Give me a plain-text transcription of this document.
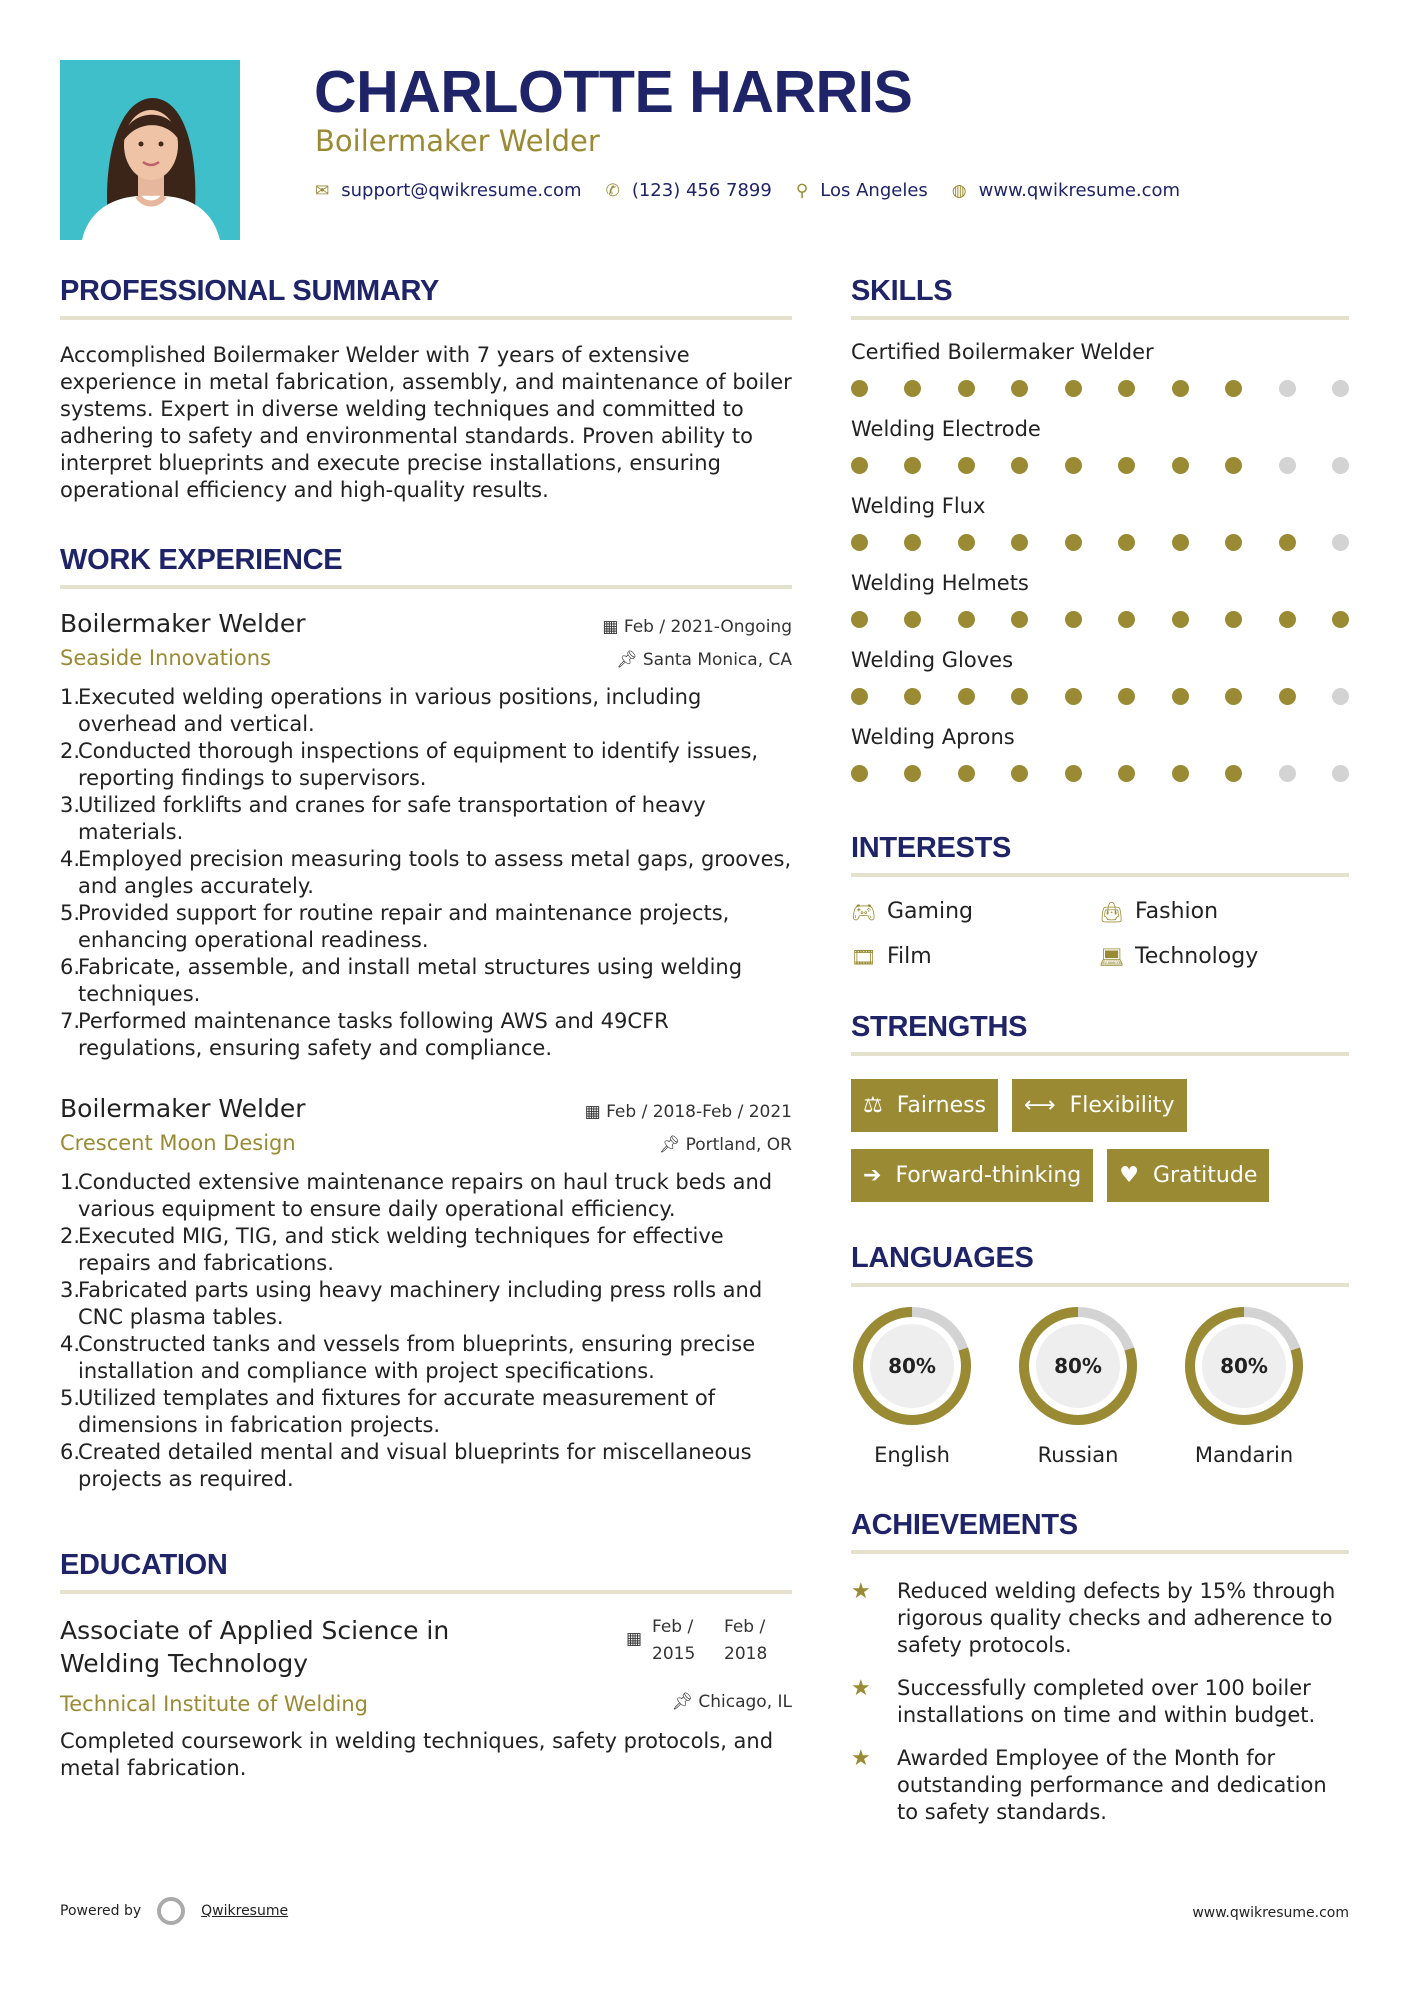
CHARLOTTE HARRIS
Boilermaker Welder
✉ support@qwikresume.com ✆ (123) 456 7899 ⚲ Los Angeles ◍ www.qwikresume.com
PROFESSIONAL SUMMARY
Accomplished Boilermaker Welder with 7 years of extensive experience in metal fabrication, assembly, and maintenance of boiler systems. Expert in diverse welding techniques and committed to adhering to safety and environmental standards. Proven ability to interpret blueprints and execute precise installations, ensuring operational efficiency and high-quality results.
WORK EXPERIENCE
Boilermaker Welder	▦ Feb / 2021-Ongoing
Seaside Innovations	📌︎ Santa Monica, CA
Executed welding operations in various positions, including overhead and vertical.
Conducted thorough inspections of equipment to identify issues, reporting findings to supervisors.
Utilized forklifts and cranes for safe transportation of heavy materials.
Employed precision measuring tools to assess metal gaps, grooves, and angles accurately.
Provided support for routine repair and maintenance projects, enhancing operational readiness.
Fabricate, assemble, and install metal structures using welding techniques.
Performed maintenance tasks following AWS and 49CFR regulations, ensuring safety and compliance.
Boilermaker Welder	▦ Feb / 2018-Feb / 2021
Crescent Moon Design	📌︎ Portland, OR
Conducted extensive maintenance repairs on haul truck beds and various equipment to ensure daily operational efficiency.
Executed MIG, TIG, and stick welding techniques for effective repairs and fabrications.
Fabricated parts using heavy machinery including press rolls and CNC plasma tables.
Constructed tanks and vessels from blueprints, ensuring precise installation and compliance with project specifications.
Utilized templates and fixtures for accurate measurement of dimensions in fabrication projects.
Created detailed mental and visual blueprints for miscellaneous projects as required.
EDUCATION
Associate of Applied Science in Welding Technology
▦
Feb /
2015
Feb /
2018
Technical Institute of Welding	📌︎ Chicago, IL
Completed coursework in welding techniques, safety protocols, and metal fabrication.
SKILLS
Certified Boilermaker Welder
Welding Electrode
Welding Flux
Welding Helmets
Welding Gloves
Welding Aprons
INTERESTS
🎮︎ Gaming	👜︎ Fashion
🎞︎ Film	💻︎ Technology
STRENGTHS
⚖ Fairness ⟷ Flexibility
➔ Forward-thinking ♥ Gratitude
LANGUAGES
80%
English
80%
Russian
80%
Mandarin
ACHIEVEMENTS
★	Reduced welding defects by 15% through rigorous quality checks and adherence to safety protocols.
★	Successfully completed over 100 boiler installations on time and within budget.
★	Awarded Employee of the Month for outstanding performance and dedication to safety standards.
Powered by	Qwikresume	www.qwikresume.com
